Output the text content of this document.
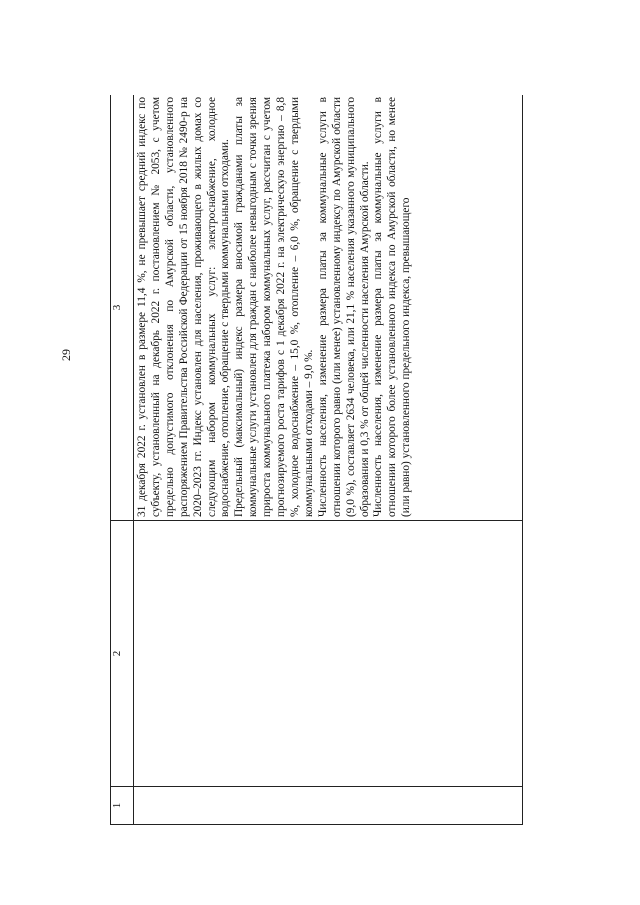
29
1	2	3

		31 декабря 2022 г. установлен в размере 11,4 %, не превышает средний индекс по субъекту, установленный на декабрь 2022 г. постановлением № 2053, с учетом предельно допустимого отклонения по Амурской области, установленного распоряжением Правительства Российской Федерации от 15 ноября 2018 № 2490-р на 2020–2023 гг. Индекс установлен для населения, проживающего в жилых домах со следующим набором коммунальных услуг: электроснабжение, холодное водоснабжение, отопление, обращение с твердыми коммунальными отходами. Предельный (максимальный) индекс размера вносимой гражданами платы за коммунальные услуги установлен для граждан с наиболее невыгодным с точки зрения прироста коммунального платежа набором коммунальных услуг, рассчитан с учетом прогнозируемого роста тарифов с 1 декабря 2022 г. на электрическую энергию – 8,8 %, холодное водоснабжение – 15,0 %, отопление – 6,0 %, обращение с твердыми коммунальными отходами – 9,0 %. Численность населения, изменение размера платы за коммунальные услуги в отношении которого равно (или менее) установленному индексу по Амурской области (9,0 %), составляет 2634 человека, или 21,1 % населения указанного муниципального образования и 0,3 % от общей численности населения Амурской области. Численность населения, изменение размера платы за коммунальные услуги в отношении которого более установленного индекса по Амурской области, но менее (или равно) установленного предельного индекса, превышающего
